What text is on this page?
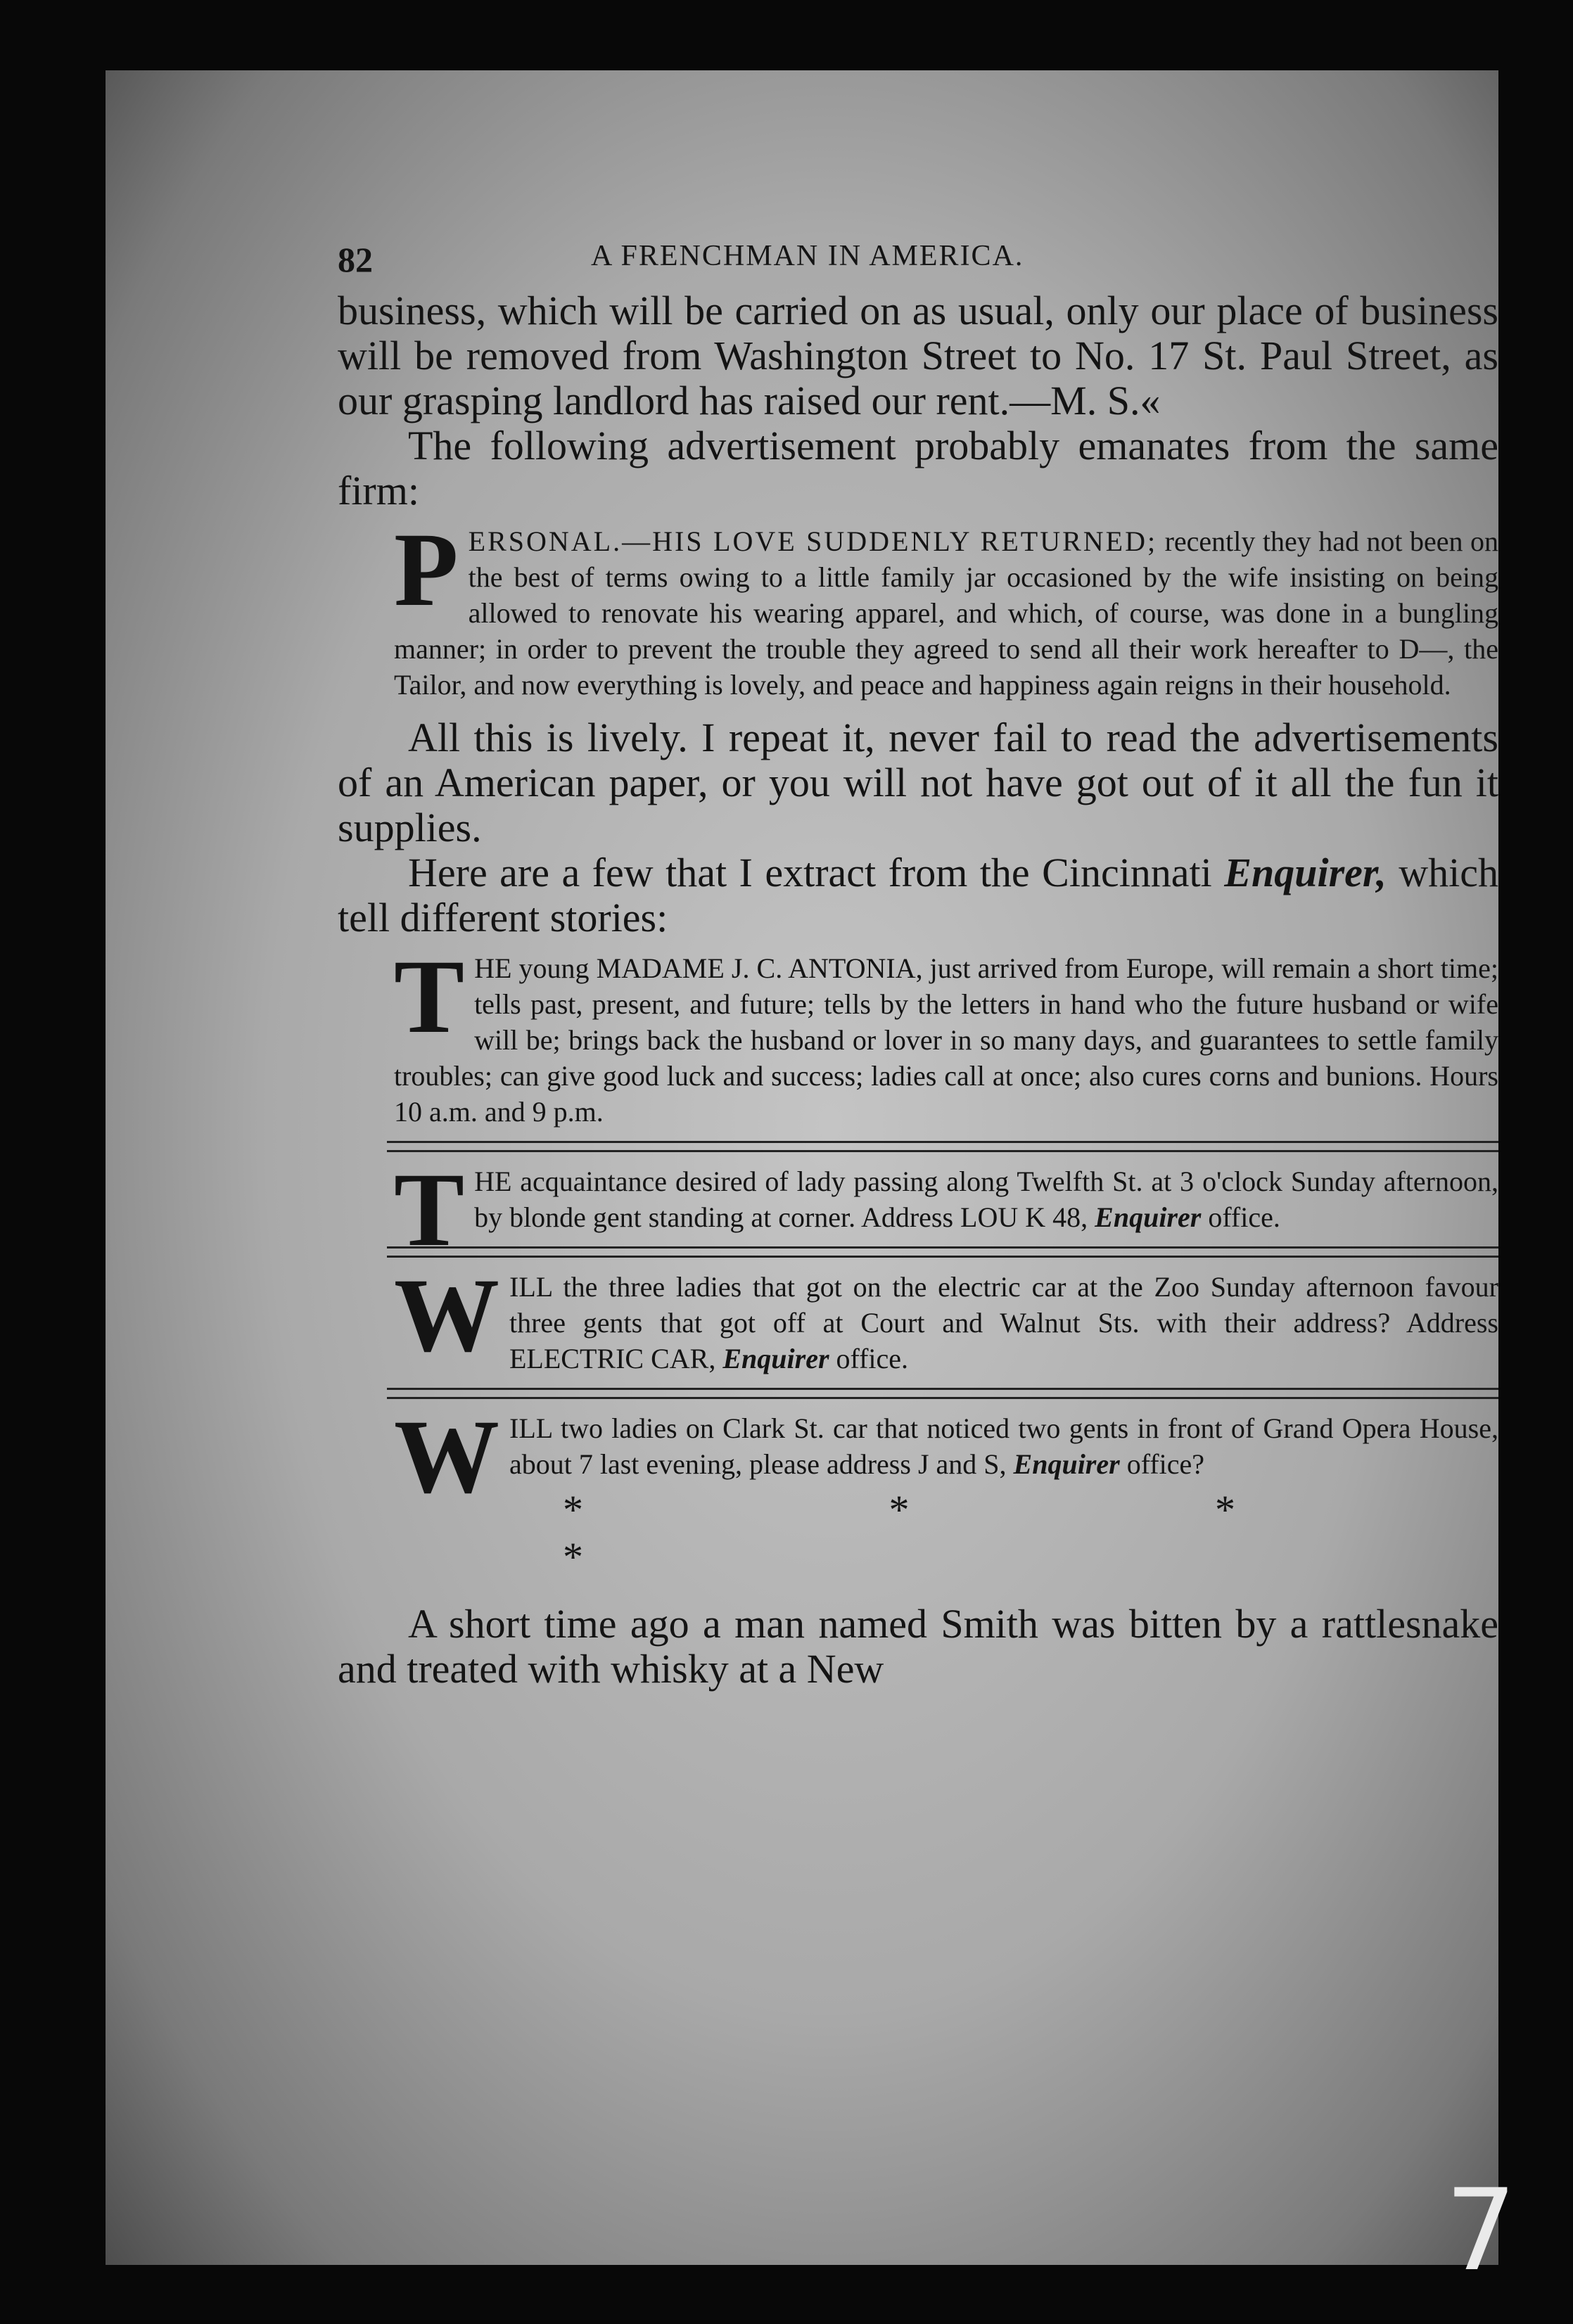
82	A FRENCHMAN IN AMERICA.

business, which will be carried on as usual, only our place of business will be removed from Washington Street to No. 17 St. Paul Street, as our grasping landlord has raised our rent.—M. S.«

The following advertisement probably emanates from the same firm:

P ERSONAL.—HIS LOVE SUDDENLY RETURNED; recently they had not been on the best of terms owing to a little family jar occasioned by the wife insisting on being allowed to renovate his wearing apparel, and which, of course, was done in a bungling manner; in order to prevent the trouble they agreed to send all their work hereafter to D—, the Tailor, and now everything is lovely, and peace and happiness again reigns in their household.

All this is lively. I repeat it, never fail to read the advertisements of an American paper, or you will not have got out of it all the fun it supplies.

Here are a few that I extract from the Cincinnati Enquirer, which tell different stories:

T HE young MADAME J. C. ANTONIA, just arrived from Europe, will remain a short time; tells past, present, and future; tells by the letters in hand who the future husband or wife will be; brings back the husband or lover in so many days, and guarantees to settle family troubles; can give good luck and success; ladies call at once; also cures corns and bunions. Hours 10 a.m. and 9 p.m.
T HE acquaintance desired of lady passing along Twelfth St. at 3 o'clock Sunday afternoon, by blonde gent standing at corner. Address LOU K 48, Enquirer office.
W ILL the three ladies that got on the electric car at the Zoo Sunday afternoon favour three gents that got off at Court and Walnut Sts. with their address? Address ELECTRIC CAR, Enquirer office.
W ILL two ladies on Clark St. car that noticed two gents in front of Grand Opera House, about 7 last evening, please address J and S, Enquirer office?
* * * *

A short time ago a man named Smith was bitten by a rattlesnake and treated with whisky at a New

7
